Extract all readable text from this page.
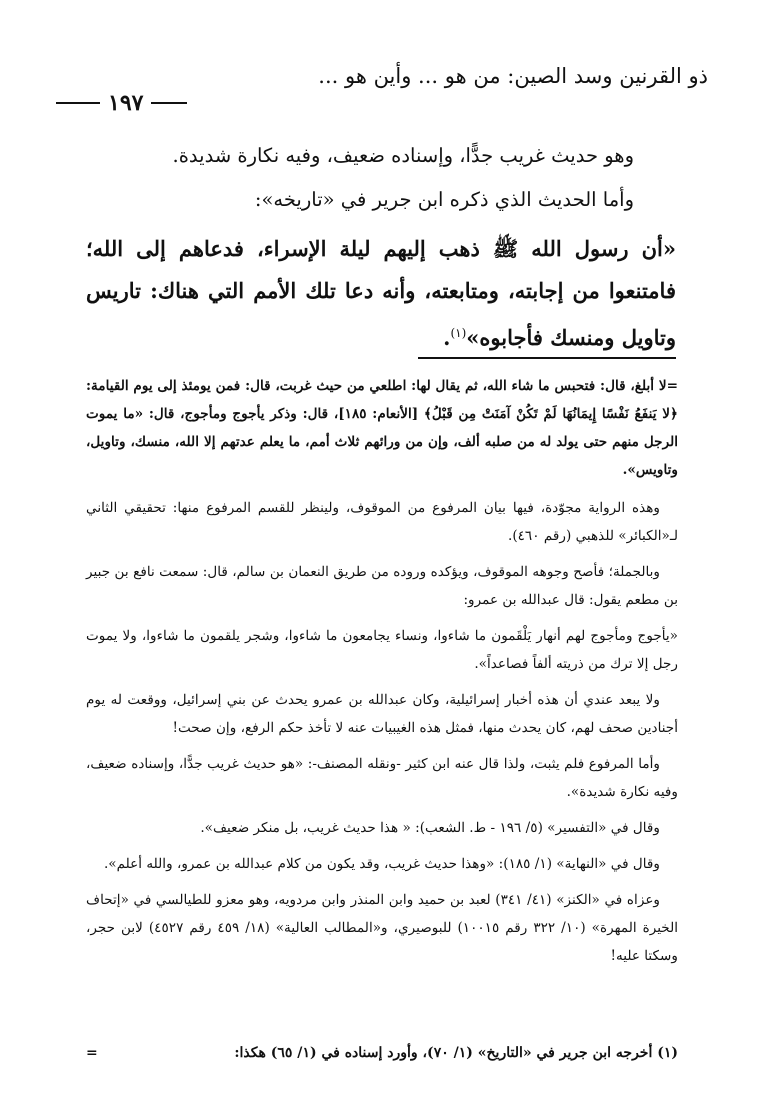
ذو القرنين وسد الصين: من هو ... وأين هو ...
١٩٧

وهو حديث غريب جدًّا، وإسناده ضعيف، وفيه نكارة شديدة.

وأما الحديث الذي ذكره ابن جرير في «تاريخه»:

«أن رسول الله ﷺ ذهب إليهم ليلة الإسراء، فدعاهم إلى الله؛ فامتنعوا من إجابته، ومتابعته، وأنه دعا تلك الأمم التي هناك: تاريس وتاويل ومنسك فأجابوه»$^{(١)}$.

=لا أبلغ، قال: فتحبس ما شاء الله، ثم يقال لها: اطلعي من حيث غربت، قال: فمن يومئذ إلى يوم القيامة: ﴿لا يَنفَعُ نَفْسًا إِيمَانُهَا لَمْ تَكُنْ آمَنَتْ مِن قَبْلُ﴾ [الأنعام: ١٨٥]، قال: وذكر يأجوج ومأجوج، قال: «ما يموت الرجل منهم حتى يولد له من صلبه ألف، وإن من ورائهم ثلاث أمم، ما يعلم عدتهم إلا الله، منسك، وتاويل، وتاويس».

وهذه الرواية مجوّدة، فيها بيان المرفوع من الموقوف، ولينظر للقسم المرفوع منها: تحقيقي الثاني لـ«الكبائر» للذهبي (رقم ٤٦٠).

وبالجملة؛ فأصح وجوهه الموقوف، ويؤكده وروده من طريق النعمان بن سالم، قال: سمعت نافع بن جبير بن مطعم يقول: قال عبدالله بن عمرو:

«يأجوج ومأجوج لهم أنهار يَلْقَمون ما شاءوا، ونساء يجامعون ما شاءوا، وشجر يلقمون ما شاءوا، ولا يموت رجل إلا ترك من ذريته ألفاً فصاعداً».

ولا يبعد عندي أن هذه أخبار إسرائيلية، وكان عبدالله بن عمرو يحدث عن بني إسرائيل، ووقعت له يوم أجنادين صحف لهم، كان يحدث منها، فمثل هذه الغيبيات عنه لا تأخذ حكم الرفع، وإن صحت!

وأما المرفوع فلم يثبت، ولذا قال عنه ابن كثير -ونقله المصنف-: «هو حديث غريب جدًّا، وإسناده ضعيف، وفيه نكارة شديدة».

وقال في «التفسير» (٥/ ١٩٦ - ط. الشعب): « هذا حديث غريب، بل منكر ضعيف».

وقال في «النهاية» (١/ ١٨٥): «وهذا حديث غريب، وقد يكون من كلام عبدالله بن عمرو، والله أعلم».

وعزاه في «الكنز» (٤١/ ٣٤١) لعبد بن حميد وابن المنذر وابن مردويه، وهو معزو للطيالسي في «إتحاف الخيرة المهرة» (١٠/ ٣٢٢ رقم ١٠٠١٥) للبوصيري، و«المطالب العالية» (١٨/ ٤٥٩ رقم ٤٥٢٧) لابن حجر، وسكتا عليه!

(١) أخرجه ابن جرير في «التاريخ» (١/ ٧٠)، وأورد إسناده في (١/ ٦٥) هكذا:
=
